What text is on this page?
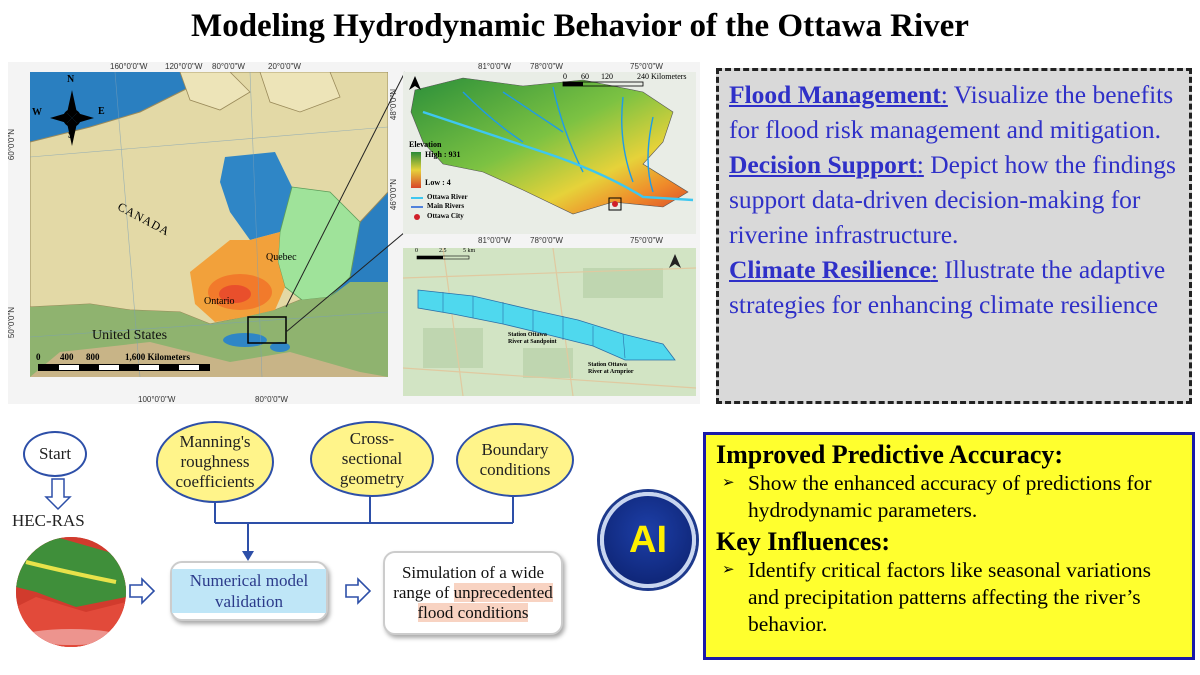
Modeling Hydrodynamic Behavior of the Ottawa River
160°0'0"W 120°0'0"W 80°0'0"W	20°0'0"W
100°0'0"W	80°0'0"W
60°0'0"N
50°0'0"N
N
S
W	E
CANADA
United States
Ontario
Quebec
0 400 800	1,600 Kilometers
81°0'0"W 78°0'0"W	75°0'0"W
81°0'0"W 78°0'0"W	75°0'0"W
48°0'0"N
46°0'0"N
0 60 120	240 Kilometers
Elevation
High : 931
Low : 4
Ottawa River
Main Rivers
Ottawa City
0	2.5	5 km
Station Ottawa River at Sandpoint
Station Ottawa River at Arnprior
Flood Management: Visualize the benefits for flood risk management and mitigation.
Decision Support: Depict how the findings support data-driven decision-making for riverine infrastructure.
Climate Resilience: Illustrate the adaptive strategies for enhancing climate resilience
Start
HEC-RAS
Manning's roughness coefficients
Cross-sectional geometry
Boundary conditions
Numerical model validation
Simulation of a wide range of unprecedented flood conditions
AI
Improved Predictive Accuracy:
➢ Show the enhanced accuracy of predictions for hydrodynamic parameters.
Key Influences:
➢ Identify critical factors like seasonal variations and precipitation patterns affecting the river’s behavior.
